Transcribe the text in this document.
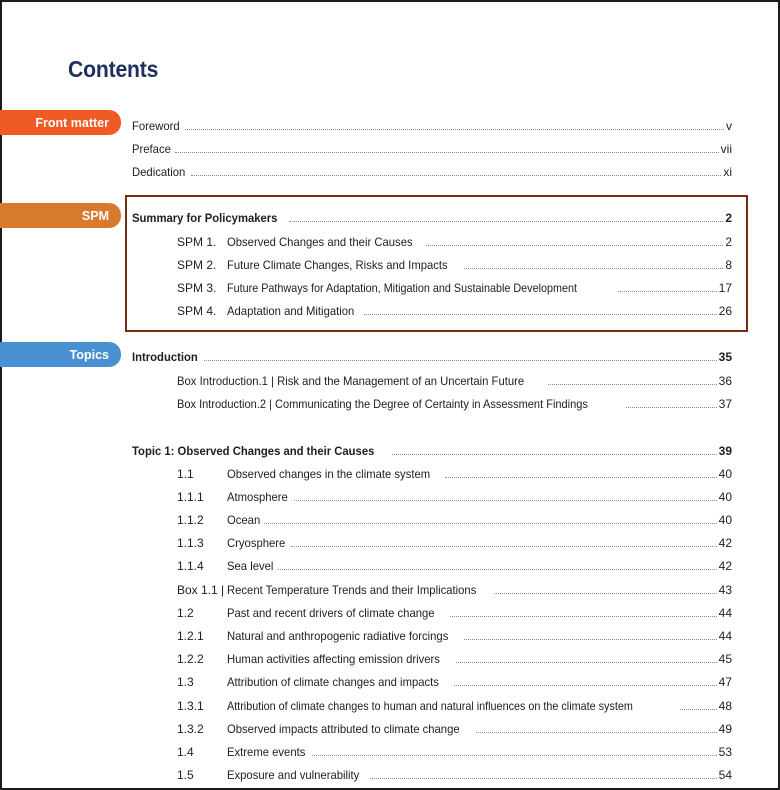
Contents
Front matter
SPM
Topics
Foreword	v
Preface	vii
Dedication	xi
Summary for Policymakers	2
SPM 1. Observed Changes and their Causes	2
SPM 2. Future Climate Changes, Risks and Impacts	8
SPM 3. Future Pathways for Adaptation, Mitigation and Sustainable Development	17
SPM 4. Adaptation and Mitigation	26
Introduction	35
Box Introduction.1 | Risk and the Management of an Uncertain Future	36
Box Introduction.2 | Communicating the Degree of Certainty in Assessment Findings	37
Topic 1: Observed Changes and their Causes	39
1.1	Observed changes in the climate system	40
1.1.1	Atmosphere	40
1.1.2	Ocean	40
1.1.3	Cryosphere	42
1.1.4	Sea level	42
Box 1.1 | Recent Temperature Trends and their Implications	43
1.2	Past and recent drivers of climate change	44
1.2.1	Natural and anthropogenic radiative forcings	44
1.2.2	Human activities affecting emission drivers	45
1.3	Attribution of climate changes and impacts	47
1.3.1	Attribution of climate changes to human and natural influences on the climate system	48
1.3.2	Observed impacts attributed to climate change	49
1.4	Extreme events	53
1.5	Exposure and vulnerability	54
